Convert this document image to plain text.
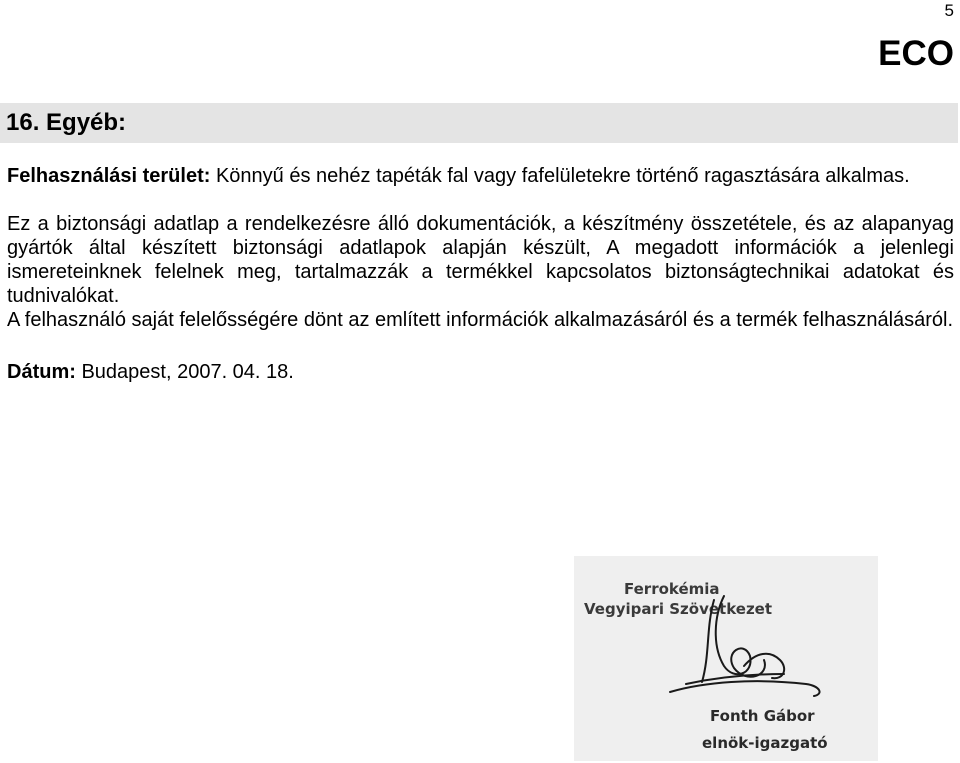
5
ECO
16. Egyéb:

Felhasználási terület: Könnyű és nehéz tapéták fal vagy fafelületekre történő ragasztására alkalmas.

Ez a biztonsági adatlap a rendelkezésre álló dokumentációk, a készítmény összetétele, és az alapanyag gyártók által készített biztonsági adatlapok alapján készült, A megadott információk a jelenlegi ismereteinknek felelnek meg, tartalmazzák a termékkel kapcsolatos biztonságtechnikai adatokat és tudnivalókat.

A felhasználó saját felelősségére dönt az említett információk alkalmazásáról és a termék felhasználásáról.

Dátum: Budapest, 2007. 04. 18.

Ferrokémia
Vegyipari Szövetkezet
Fonth Gábor
elnök-igazgató
